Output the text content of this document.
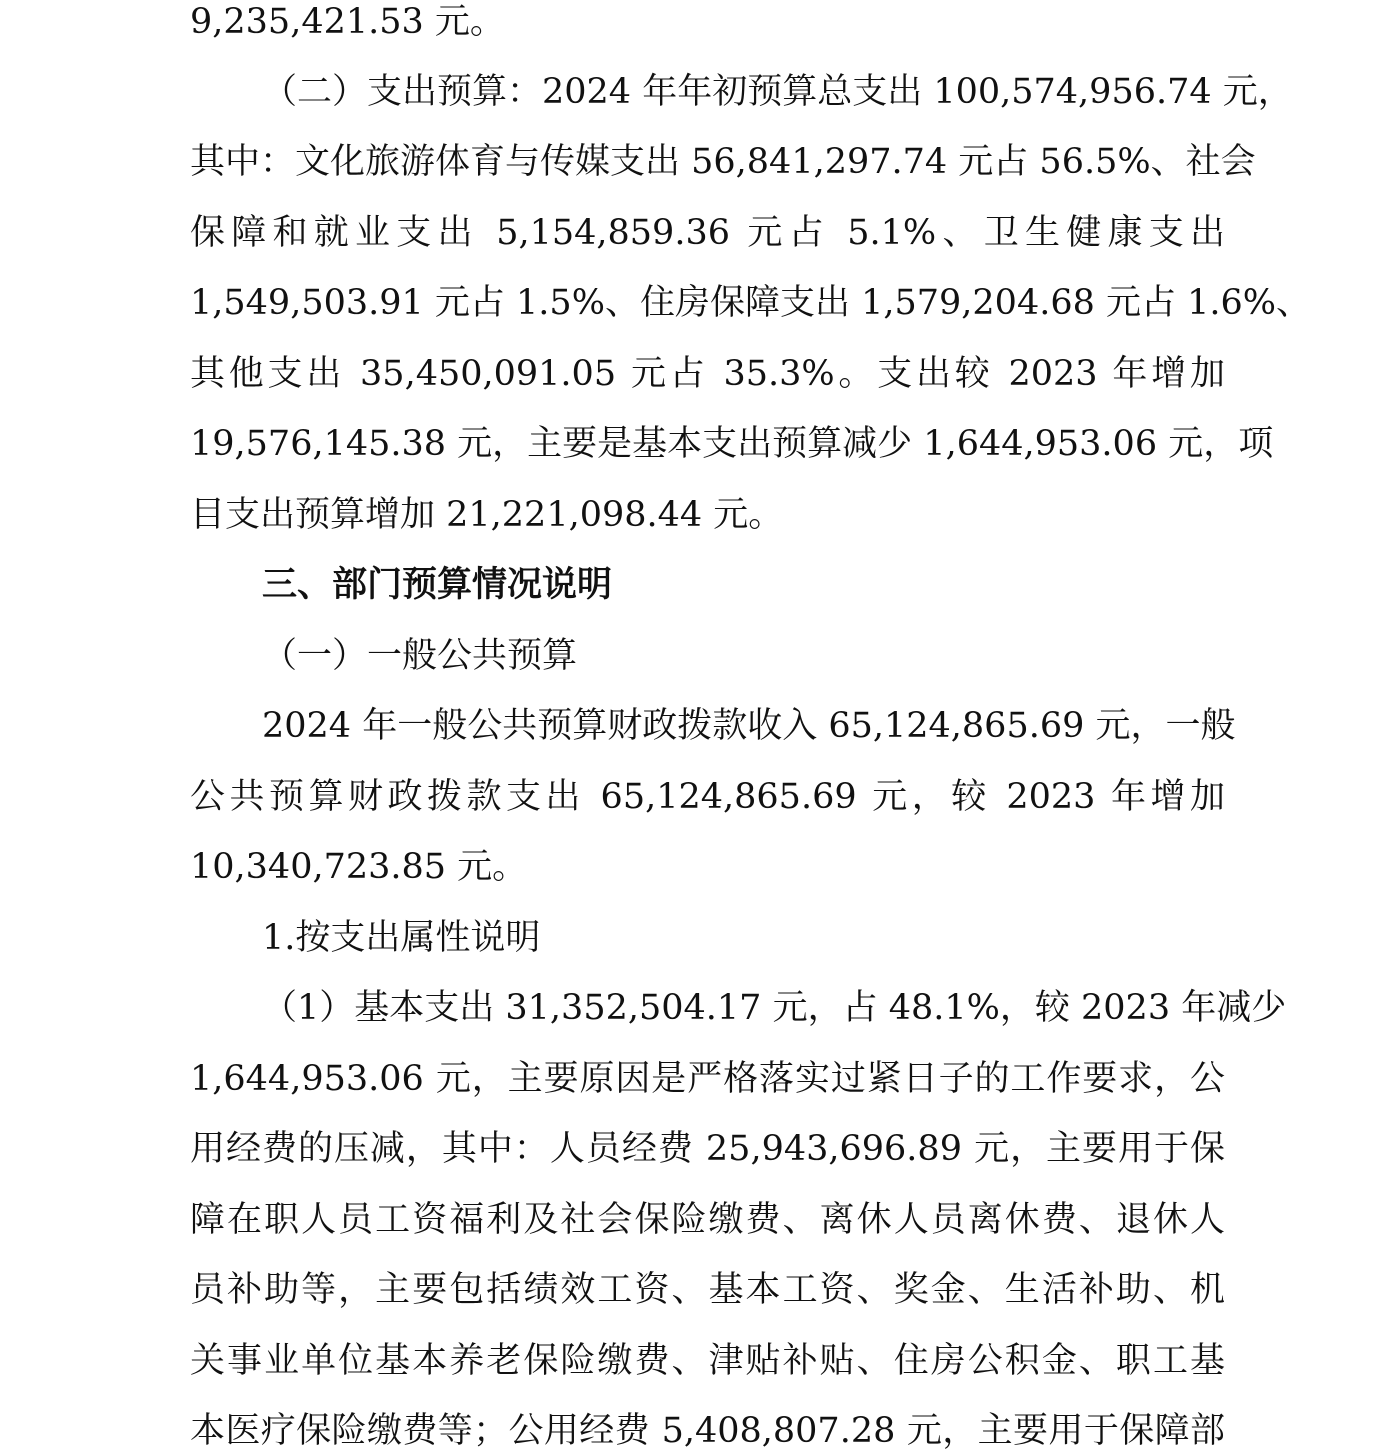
9,235,421.53 元。
（二）支出预算：2024 年年初预算总支出 100,574,956.74 元，
其中：文化旅游体育与传媒支出 56,841,297.74 元占 56.5%、社会
保障和就业支出 5,154,859.36 元占 5.1%、卫生健康支出
1,549,503.91 元占 1.5%、住房保障支出 1,579,204.68 元占 1.6%、
其他支出 35,450,091.05 元占 35.3%。支出较 2023 年增加
19,576,145.38 元，主要是基本支出预算减少 1,644,953.06 元，项
目支出预算增加 21,221,098.44 元。
三、部门预算情况说明
（一）一般公共预算
2024 年一般公共预算财政拨款收入 65,124,865.69 元，一般
公共预算财政拨款支出 65,124,865.69 元，较 2023 年增加
10,340,723.85 元。
1.按支出属性说明
（1）基本支出 31,352,504.17 元，占 48.1%，较 2023 年减少
1,644,953.06 元，主要原因是严格落实过紧日子的工作要求，公
用经费的压减，其中：人员经费 25,943,696.89 元，主要用于保
障在职人员工资福利及社会保险缴费、离休人员离休费、退休人
员补助等，主要包括绩效工资、基本工资、奖金、生活补助、机
关事业单位基本养老保险缴费、津贴补贴、住房公积金、职工基
本医疗保险缴费等；公用经费 5,408,807.28 元，主要用于保障部
